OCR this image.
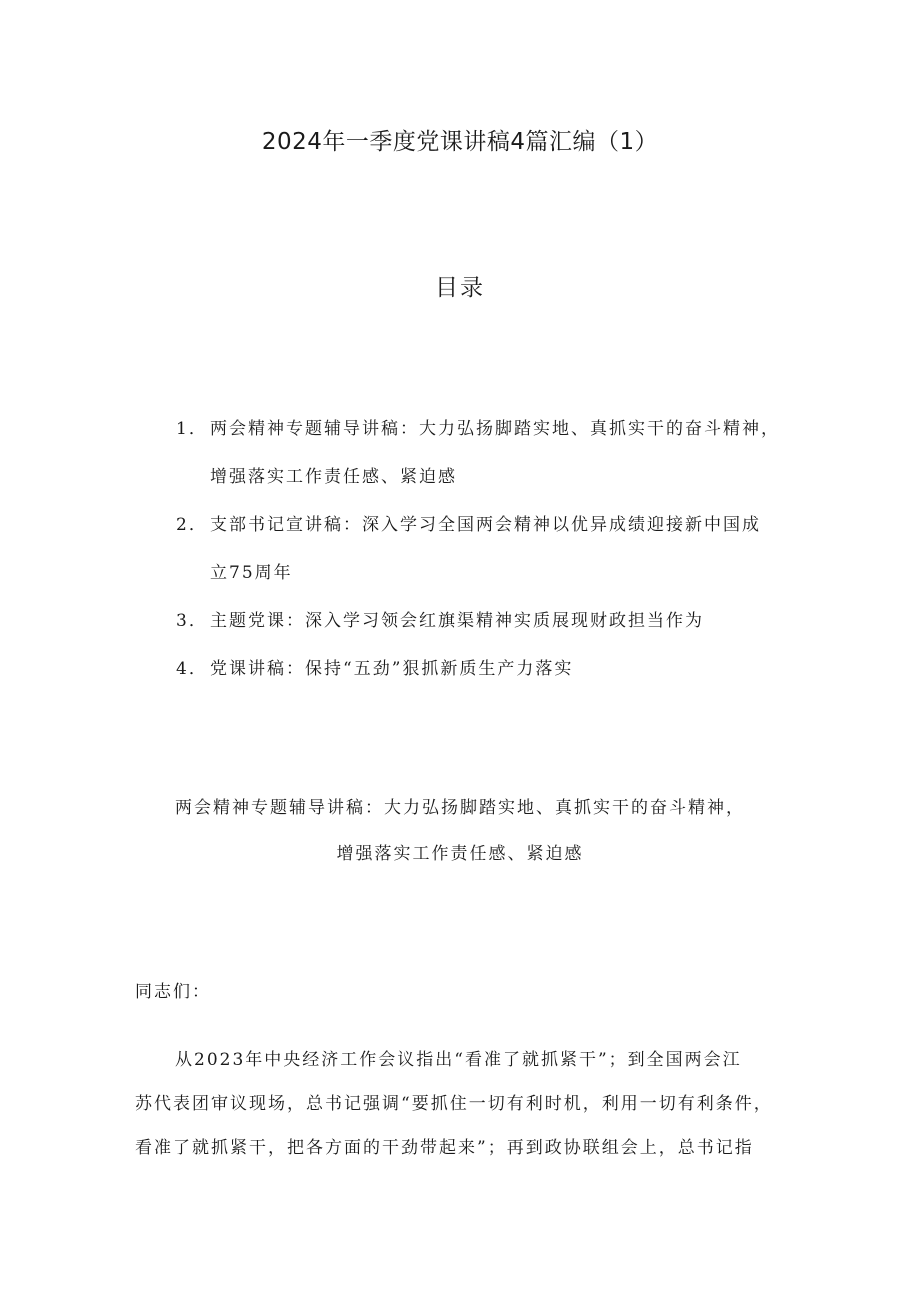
2024年一季度党课讲稿4篇汇编（1）
目录
1． 两会精神专题辅导讲稿：大力弘扬脚踏实地、真抓实干的奋斗精神，
增强落实工作责任感、紧迫感
2． 支部书记宣讲稿：深入学习全国两会精神以优异成绩迎接新中国成
立75周年
3． 主题党课：深入学习领会红旗渠精神实质展现财政担当作为
4． 党课讲稿：保持“五劲”狠抓新质生产力落实
两会精神专题辅导讲稿：大力弘扬脚踏实地、真抓实干的奋斗精神，
增强落实工作责任感、紧迫感
同志们：
从2023年中央经济工作会议指出“看准了就抓紧干”；到全国两会江
苏代表团审议现场，总书记强调“要抓住一切有利时机，利用一切有利条件，
看准了就抓紧干，把各方面的干劲带起来”；再到政协联组会上，总书记指
